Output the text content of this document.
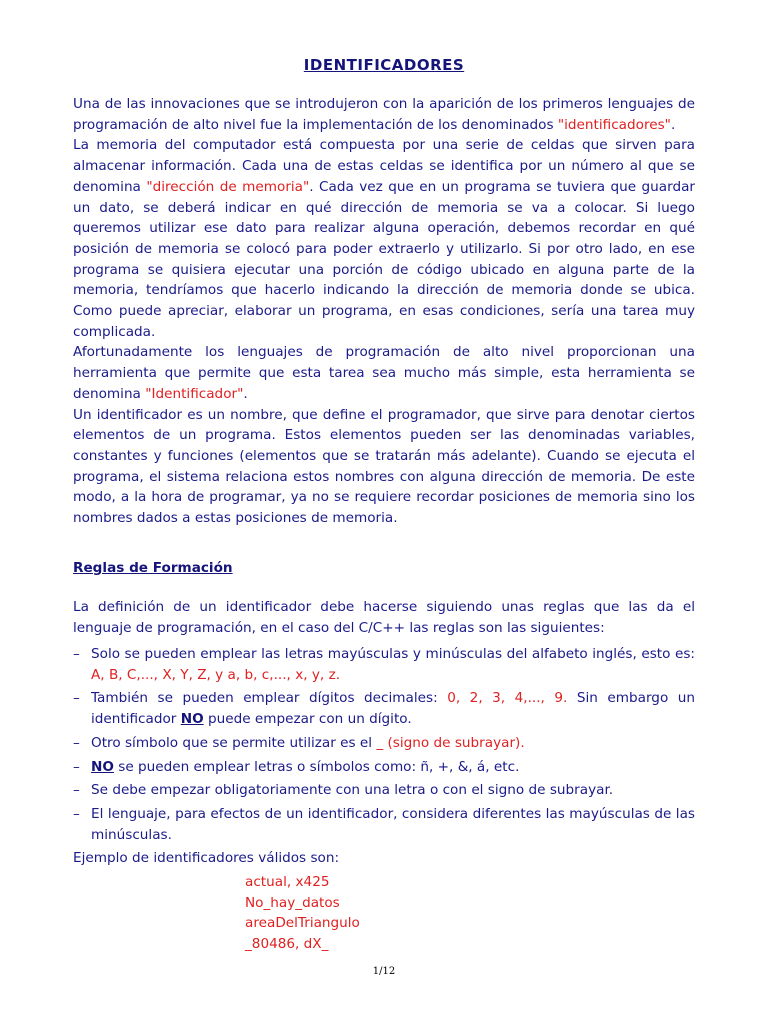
IDENTIFICADORES

Una de las innovaciones que se introdujeron con la aparición de los primeros lenguajes de programación de alto nivel fue la implementación de los denominados "identificadores".

La memoria del computador está compuesta por una serie de celdas que sirven para almacenar información. Cada una de estas celdas se identifica por un número al que se denomina "dirección de memoria". Cada vez que en un programa se tuviera que guardar un dato, se deberá indicar en qué dirección de memoria se va a colocar. Si luego queremos utilizar ese dato para realizar alguna operación, debemos recordar en qué posición de memoria se colocó para poder extraerlo y utilizarlo. Si por otro lado, en ese programa se quisiera ejecutar una porción de código ubicado en alguna parte de la memoria, tendríamos que hacerlo indicando la dirección de memoria donde se ubica. Como puede apreciar, elaborar un programa, en esas condiciones, sería una tarea muy complicada.

Afortunadamente los lenguajes de programación de alto nivel proporcionan una herramienta que permite que esta tarea sea mucho más simple, esta herramienta se denomina "Identificador".

Un identificador es un nombre, que define el programador, que sirve para denotar ciertos elementos de un programa. Estos elementos pueden ser las denominadas variables, constantes y funciones (elementos que se tratarán más adelante). Cuando se ejecuta el programa, el sistema relaciona estos nombres con alguna dirección de memoria. De este modo, a la hora de programar, ya no se requiere recordar posiciones de memoria sino los nombres dados a estas posiciones de memoria.

Reglas de Formación

La definición de un identificador debe hacerse siguiendo unas reglas que las da el lenguaje de programación, en el caso del C/C++ las reglas son las siguientes:

– Solo se pueden emplear las letras mayúsculas y minúsculas del alfabeto inglés, esto es: A, B, C,..., X, Y, Z, y a, b, c,..., x, y, z.
– También se pueden emplear dígitos decimales: 0, 2, 3, 4,..., 9. Sin embargo un identificador NO puede empezar con un dígito.
– Otro símbolo que se permite utilizar es el _ (signo de subrayar).
– NO se pueden emplear letras o símbolos como: ñ, +, &, á, etc.
– Se debe empezar obligatoriamente con una letra o con el signo de subrayar.
– El lenguaje, para efectos de un identificador, considera diferentes las mayúsculas de las minúsculas.
Ejemplo de identificadores válidos son:
actual, x425
No_hay_datos
areaDelTriangulo
_80486, dX_
1/12
